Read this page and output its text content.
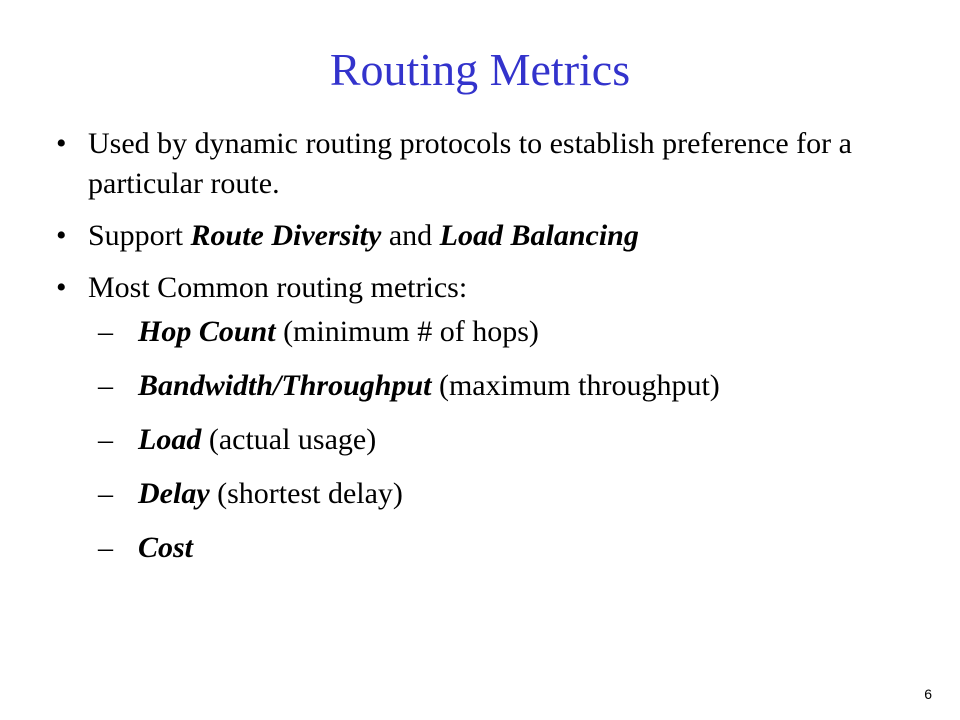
Routing Metrics
• Used by dynamic routing protocols to establish preference for a particular route.
• Support Route Diversity and Load Balancing
• Most Common routing metrics:
– Hop Count (minimum # of hops)
– Bandwidth/Throughput (maximum throughput)
– Load (actual usage)
– Delay (shortest delay)
– Cost
6
